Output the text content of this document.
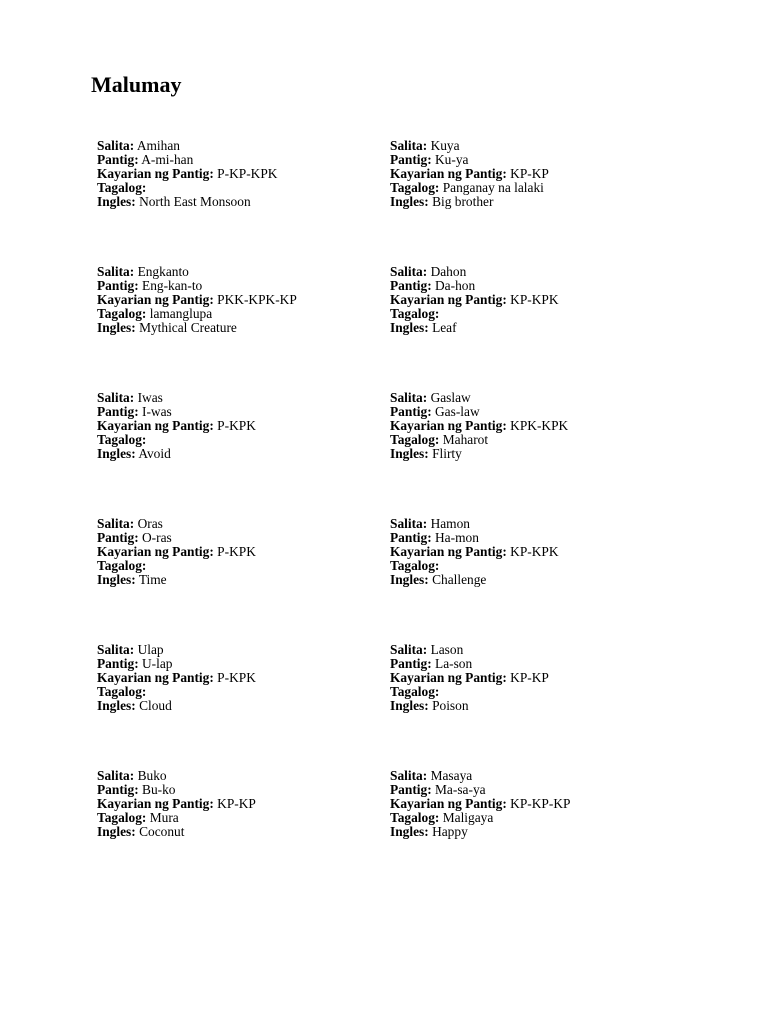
Malumay
Salita: Amihan
Pantig: A-mi-han
Kayarian ng Pantig: P-KP-KPK
Tagalog:
Ingles: North East Monsoon
Salita: Kuya
Pantig: Ku-ya
Kayarian ng Pantig: KP-KP
Tagalog: Panganay na lalaki
Ingles: Big brother
Salita: Engkanto
Pantig: Eng-kan-to
Kayarian ng Pantig: PKK-KPK-KP
Tagalog: lamanglupa
Ingles: Mythical Creature
Salita: Dahon
Pantig: Da-hon
Kayarian ng Pantig: KP-KPK
Tagalog:
Ingles: Leaf
Salita: Iwas
Pantig: I-was
Kayarian ng Pantig: P-KPK
Tagalog:
Ingles: Avoid
Salita: Gaslaw
Pantig: Gas-law
Kayarian ng Pantig: KPK-KPK
Tagalog: Maharot
Ingles: Flirty
Salita: Oras
Pantig: O-ras
Kayarian ng Pantig: P-KPK
Tagalog:
Ingles: Time
Salita: Hamon
Pantig: Ha-mon
Kayarian ng Pantig: KP-KPK
Tagalog:
Ingles: Challenge
Salita: Ulap
Pantig: U-lap
Kayarian ng Pantig: P-KPK
Tagalog:
Ingles: Cloud
Salita: Lason
Pantig: La-son
Kayarian ng Pantig: KP-KP
Tagalog:
Ingles: Poison
Salita: Buko
Pantig: Bu-ko
Kayarian ng Pantig: KP-KP
Tagalog: Mura
Ingles: Coconut
Salita: Masaya
Pantig: Ma-sa-ya
Kayarian ng Pantig: KP-KP-KP
Tagalog: Maligaya
Ingles: Happy
